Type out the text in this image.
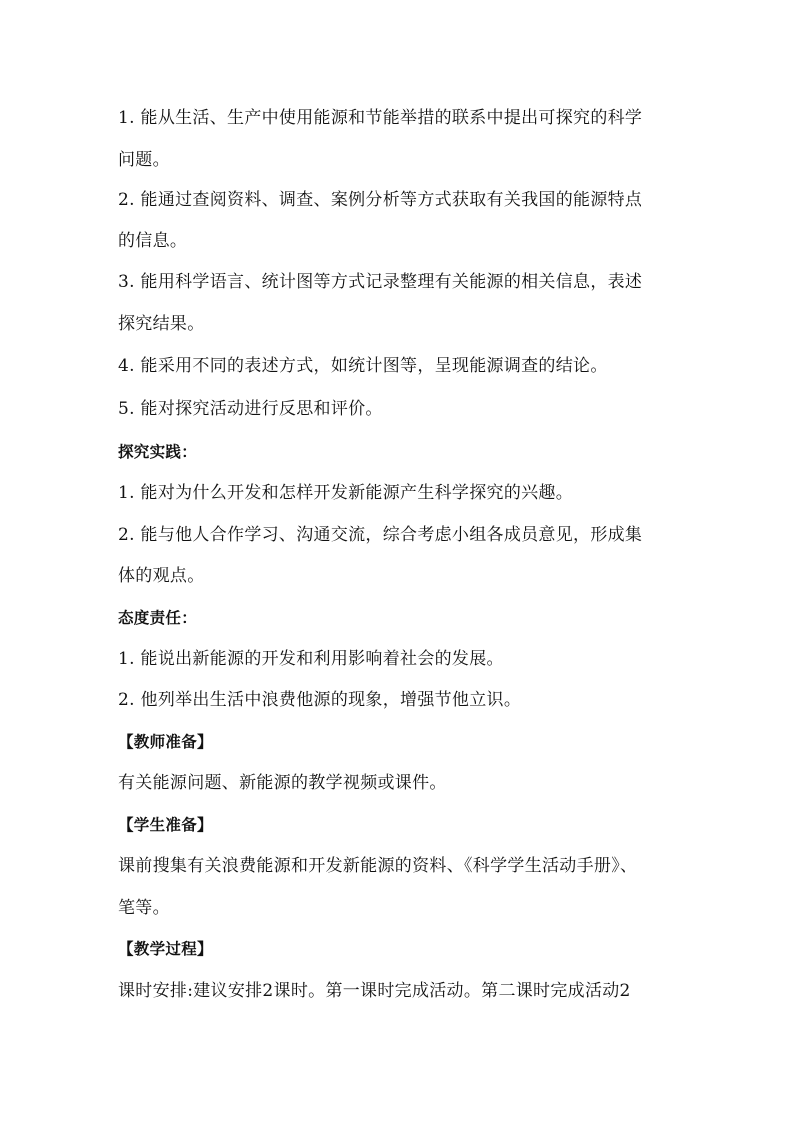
1. 能从生活、生产中使用能源和节能举措的联系中提出可探究的科学
问题。
2. 能通过查阅资料、调查、案例分析等方式获取有关我国的能源特点
的信息。
3. 能用科学语言、统计图等方式记录整理有关能源的相关信息，表述
探究结果。
4. 能采用不同的表述方式，如统计图等，呈现能源调查的结论。
5. 能对探究活动进行反思和评价。
探究实践：
1. 能对为什么开发和怎样开发新能源产生科学探究的兴趣。
2. 能与他人合作学习、沟通交流，综合考虑小组各成员意见，形成集
体的观点。
态度责任：
1. 能说出新能源的开发和利用影响着社会的发展。
2. 他列举出生活中浪费他源的现象，增强节他立识。
【教师准备】
有关能源问题、新能源的教学视频或课件。
【学生准备】
课前搜集有关浪费能源和开发新能源的资料、《科学学生活动手册》、
笔等。
【教学过程】
课时安排:建议安排2课时。第一课时完成活动。第二课时完成活动2
